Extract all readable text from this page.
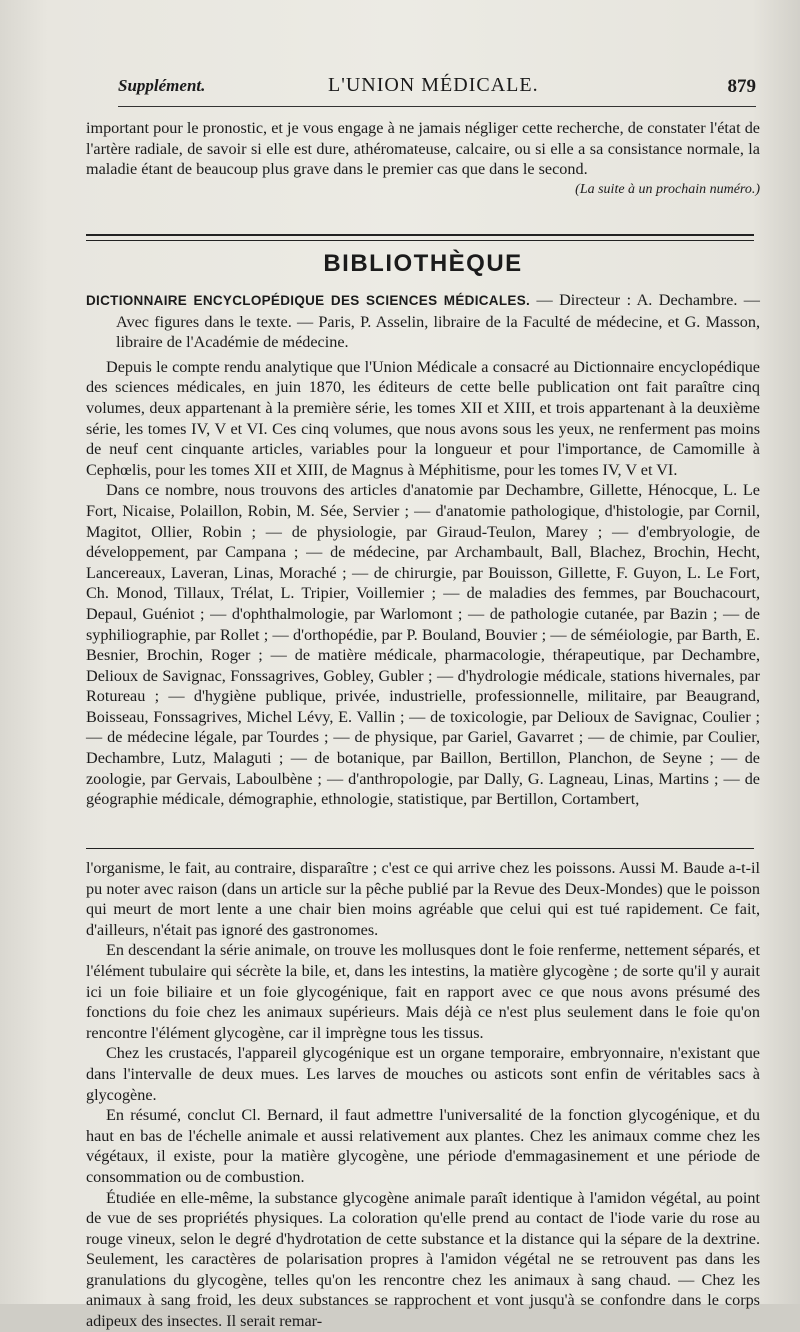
Supplément.	L'UNION MÉDICALE.	879

important pour le pronostic, et je vous engage à ne jamais négliger cette recherche, de constater l'état de l'artère radiale, de savoir si elle est dure, athéromateuse, calcaire, ou si elle a sa consistance normale, la maladie étant de beaucoup plus grave dans le premier cas que dans le second.

(La suite à un prochain numéro.)

BIBLIOTHÈQUE

DICTIONNAIRE ENCYCLOPÉDIQUE DES SCIENCES MÉDICALES. — Directeur : A. Dechambre. — Avec figures dans le texte. — Paris, P. Asselin, libraire de la Faculté de médecine, et G. Masson, libraire de l'Académie de médecine.

Depuis le compte rendu analytique que l'Union Médicale a consacré au Dictionnaire encyclopédique des sciences médicales, en juin 1870, les éditeurs de cette belle publication ont fait paraître cinq volumes, deux appartenant à la première série, les tomes XII et XIII, et trois appartenant à la deuxième série, les tomes IV, V et VI. Ces cinq volumes, que nous avons sous les yeux, ne renferment pas moins de neuf cent cinquante articles, variables pour la longueur et pour l'importance, de Camomille à Cephœlis, pour les tomes XII et XIII, de Magnus à Méphitisme, pour les tomes IV, V et VI.

Dans ce nombre, nous trouvons des articles d'anatomie par Dechambre, Gillette, Hénocque, L. Le Fort, Nicaise, Polaillon, Robin, M. Sée, Servier ; — d'anatomie pathologique, d'histologie, par Cornil, Magitot, Ollier, Robin ; — de physiologie, par Giraud-Teulon, Marey ; — d'embryologie, de développement, par Campana ; — de médecine, par Archambault, Ball, Blachez, Brochin, Hecht, Lancereaux, Laveran, Linas, Moraché ; — de chirurgie, par Bouisson, Gillette, F. Guyon, L. Le Fort, Ch. Monod, Tillaux, Trélat, L. Tripier, Voillemier ; — de maladies des femmes, par Bouchacourt, Depaul, Guéniot ; — d'ophthalmologie, par Warlomont ; — de pathologie cutanée, par Bazin ; — de syphiliographie, par Rollet ; — d'orthopédie, par P. Bouland, Bouvier ; — de séméiologie, par Barth, E. Besnier, Brochin, Roger ; — de matière médicale, pharmacologie, thérapeutique, par Dechambre, Delioux de Savignac, Fonssagrives, Gobley, Gubler ; — d'hydrologie médicale, stations hivernales, par Rotureau ; — d'hygiène publique, privée, industrielle, professionnelle, militaire, par Beaugrand, Boisseau, Fonssagrives, Michel Lévy, E. Vallin ; — de toxicologie, par Delioux de Savignac, Coulier ; — de médecine légale, par Tourdes ; — de physique, par Gariel, Gavarret ; — de chimie, par Coulier, Dechambre, Lutz, Malaguti ; — de botanique, par Baillon, Bertillon, Planchon, de Seyne ; — de zoologie, par Gervais, Laboulbène ; — d'anthropologie, par Dally, G. Lagneau, Linas, Martins ; — de géographie médicale, démographie, ethnologie, statistique, par Bertillon, Cortambert,

l'organisme, le fait, au contraire, disparaître ; c'est ce qui arrive chez les poissons. Aussi M. Baude a-t-il pu noter avec raison (dans un article sur la pêche publié par la Revue des Deux-Mondes) que le poisson qui meurt de mort lente a une chair bien moins agréable que celui qui est tué rapidement. Ce fait, d'ailleurs, n'était pas ignoré des gastronomes.

En descendant la série animale, on trouve les mollusques dont le foie renferme, nettement séparés, et l'élément tubulaire qui sécrète la bile, et, dans les intestins, la matière glycogène ; de sorte qu'il y aurait ici un foie biliaire et un foie glycogénique, fait en rapport avec ce que nous avons présumé des fonctions du foie chez les animaux supérieurs. Mais déjà ce n'est plus seulement dans le foie qu'on rencontre l'élément glycogène, car il imprègne tous les tissus.

Chez les crustacés, l'appareil glycogénique est un organe temporaire, embryonnaire, n'existant que dans l'intervalle de deux mues. Les larves de mouches ou asticots sont enfin de véritables sacs à glycogène.

En résumé, conclut Cl. Bernard, il faut admettre l'universalité de la fonction glycogénique, et du haut en bas de l'échelle animale et aussi relativement aux plantes. Chez les animaux comme chez les végétaux, il existe, pour la matière glycogène, une période d'emmagasinement et une période de consommation ou de combustion.

Étudiée en elle-même, la substance glycogène animale paraît identique à l'amidon végétal, au point de vue de ses propriétés physiques. La coloration qu'elle prend au contact de l'iode varie du rose au rouge vineux, selon le degré d'hydrotation de cette substance et la distance qui la sépare de la dextrine. Seulement, les caractères de polarisation propres à l'amidon végétal ne se retrouvent pas dans les granulations du glycogène, telles qu'on les rencontre chez les animaux à sang chaud. — Chez les animaux à sang froid, les deux substances se rapprochent et vont jusqu'à se confondre dans le corps adipeux des insectes. Il serait remar-
